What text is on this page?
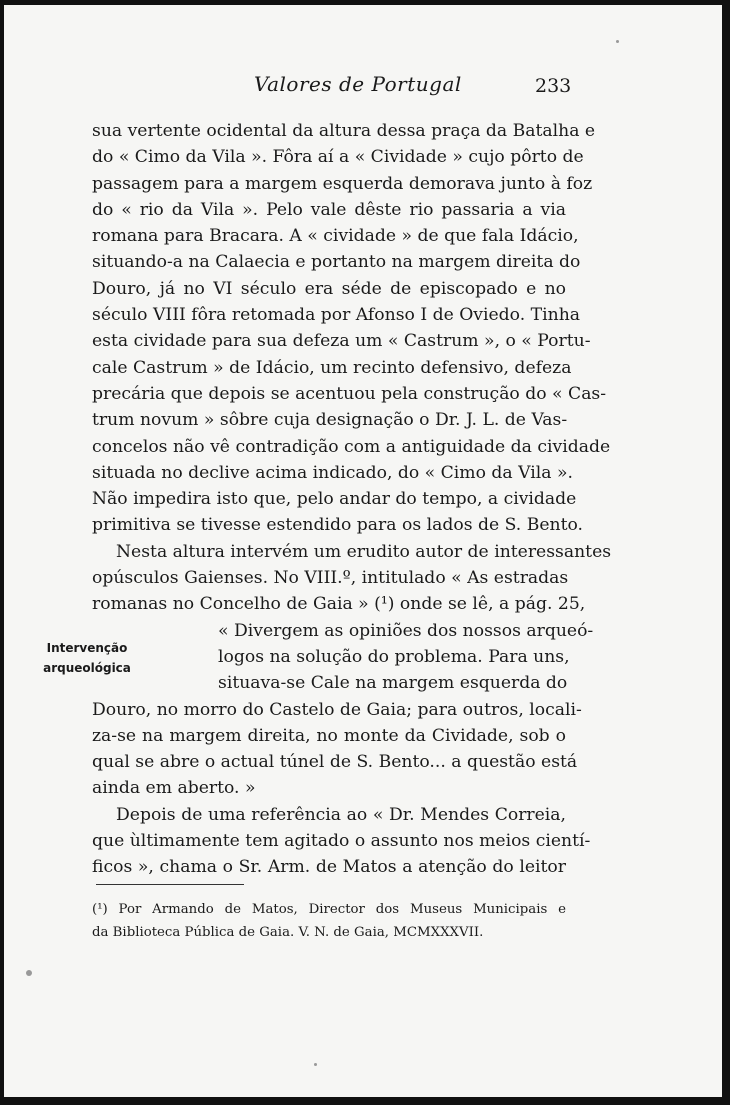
Valores de Portugal	233
sua vertente ocidental da altura dessa praça da Batalha e
do « Cimo da Vila ». Fôra aí a « Cividade » cujo pôrto de
passagem para a margem esquerda demorava junto à foz
do « rio da Vila ». Pelo vale dêste rio passaria a via
romana para Bracara. A « cividade » de que fala Idácio,
situando-a na Calaecia e portanto na margem direita do
Douro, já no VI século era séde de episcopado e no
século VIII fôra retomada por Afonso I de Oviedo. Tinha
esta cividade para sua defeza um « Castrum », o « Portu-
cale Castrum » de Idácio, um recinto defensivo, defeza
precária que depois se acentuou pela construção do « Cas-
trum novum » sôbre cuja designação o Dr. J. L. de Vas-
concelos não vê contradição com a antiguidade da cividade
situada no declive acima indicado, do « Cimo da Vila ».
Não impedira isto que, pelo andar do tempo, a cividade
primitiva se tivesse estendido para os lados de S. Bento.
Nesta altura intervém um erudito autor de interessantes
opúsculos Gaienses. No VIII.º, intitulado « As estradas
romanas no Concelho de Gaia » (¹) onde se lê, a pág. 25,
« Divergem as opiniões dos nossos arqueó-
logos na solução do problema. Para uns,
situava-se Cale na margem esquerda do
Douro, no morro do Castelo de Gaia; para outros, locali-
za-se na margem direita, no monte da Cividade, sob o
qual se abre o actual túnel de S. Bento... a questão está
ainda em aberto. »
Depois de uma referência ao « Dr. Mendes Correia,
que ùltimamente tem agitado o assunto nos meios cientí-
ficos », chama o Sr. Arm. de Matos a atenção do leitor
Intervenção
arqueológica
(¹) Por Armando de Matos, Director dos Museus Municipais e
da Biblioteca Pública de Gaia. V. N. de Gaia, MCMXXXVII.
